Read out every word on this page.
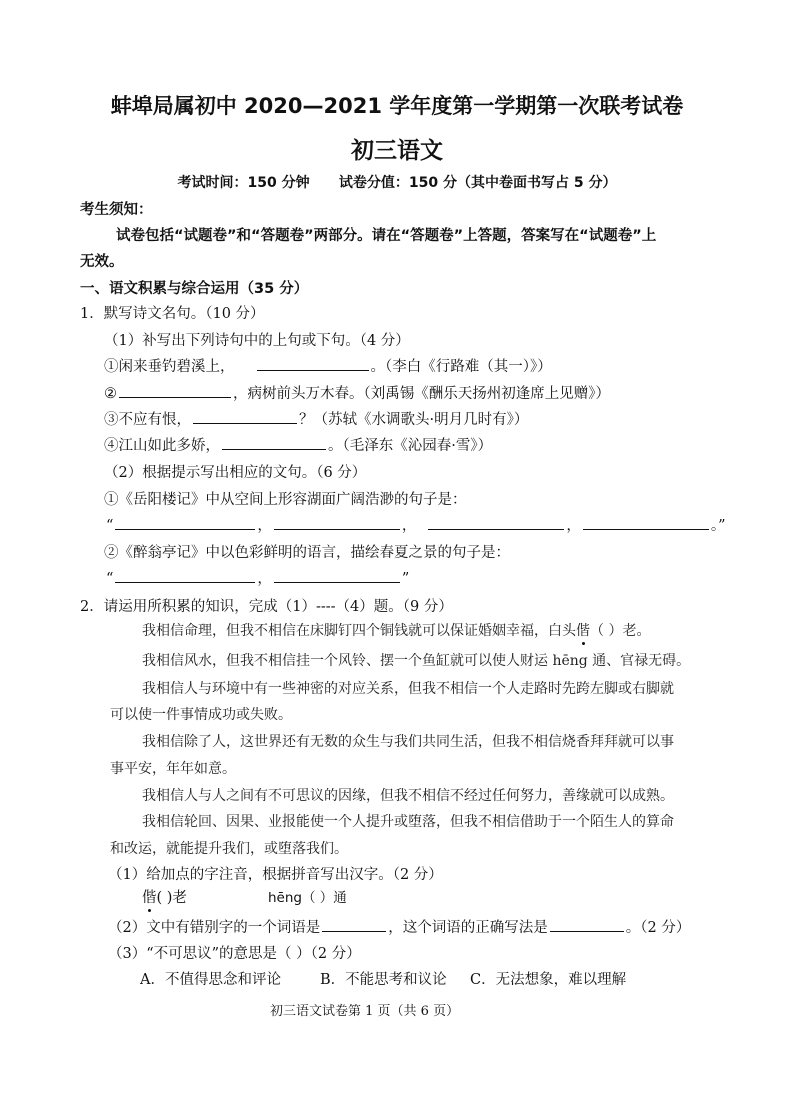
蚌埠局属初中 2020—2021 学年度第一学期第一次联考试卷
初三语文
考试时间：150 分钟      试卷分值：150 分（其中卷面书写占 5 分）
考生须知：
试卷包括“试题卷”和“答题卷”两部分。请在“答题卷”上答题，答案写在“试题卷”上
无效。
一、语文积累与综合运用（35 分）
1．默写诗文名句。（10 分）
（1）补写出下列诗句中的上句或下句。（4 分）
①闲来垂钓碧溪上，	。（李白《行路难（其一）》）
②	，病树前头万木春。（刘禹锡《酬乐天扬州初逢席上见赠》）
③不应有恨，	？（苏轼《水调歌头·明月几时有》）
④江山如此多娇，	。（毛泽东《沁园春·雪》）
（2）根据提示写出相应的文句。（6 分）
①《岳阳楼记》中从空间上形容湖面广阔浩渺的句子是：
“	，	，	，	。”
②《醉翁亭记》中以色彩鲜明的语言，描绘春夏之景的句子是：
“	，	”
2．请运用所积累的知识，完成（1）----（4）题。（9 分）
我相信命理，但我不相信在床脚钉四个铜钱就可以保证婚姻幸福，白头偕（ ）老。
我相信风水，但我不相信挂一个风铃、摆一个鱼缸就可以使人财运 hēng 通、官禄无碍。
我相信人与环境中有一些神密的对应关系，但我不相信一个人走路时先跨左脚或右脚就
可以使一件事情成功或失败。
我相信除了人，这世界还有无数的众生与我们共同生活，但我不相信烧香拜拜就可以事
事平安，年年如意。
我相信人与人之间有不可思议的因缘，但我不相信不经过任何努力，善缘就可以成熟。
我相信轮回、因果、业报能使一个人提升或堕落，但我不相信借助于一个陌生人的算命
和改运，就能提升我们，或堕落我们。
（1）给加点的字注音，根据拼音写出汉字。（2 分）
偕( )老	hēng（ ）通
（2）文中有错别字的一个词语是	，这个词语的正确写法是	。（2 分）
（3）“不可思议”的意思是（ ）（2 分）
A．不值得思念和评论	B．不能思考和议论 C．无法想象，难以理解
初三语文试卷第 1 页（共 6 页）
